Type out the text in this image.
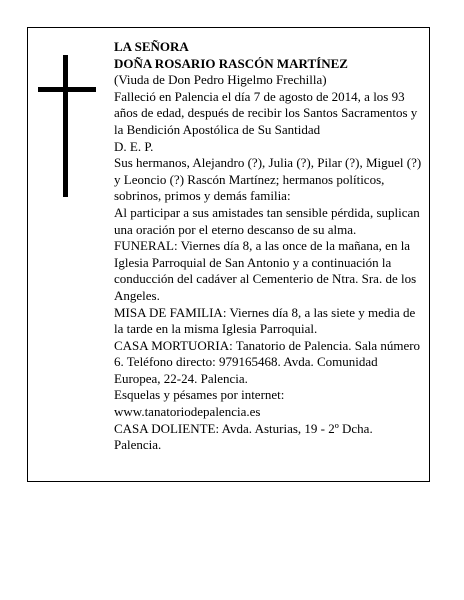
LA SEÑORA

DOÑA ROSARIO RASCÓN MARTÍNEZ

(Viuda de Don Pedro Higelmo Frechilla)

Falleció en Palencia el día 7 de agosto de 2014, a los 93 años de edad, después de recibir los Santos Sacramentos y la Bendición Apostólica de Su Santidad

D. E. P.

Sus hermanos, Alejandro (?), Julia (?), Pilar (?), Miguel (?) y Leoncio (?) Rascón Martínez; hermanos políticos, sobrinos, primos y demás familia:

Al participar a sus amistades tan sensible pérdida, suplican una oración por el eterno descanso de su alma.

FUNERAL: Viernes día 8, a las once de la mañana, en la Iglesia Parroquial de San Antonio y a continuación la conducción del cadáver al Cementerio de Ntra. Sra. de los Angeles.

MISA DE FAMILIA: Viernes día 8, a las siete y media de la tarde en la misma Iglesia Parroquial.

CASA MORTUORIA: Tanatorio de Palencia. Sala número 6. Teléfono directo: 979165468. Avda. Comunidad Europea, 22-24. Palencia.

Esquelas y pésames por internet:

www.tanatoriodepalencia.es

CASA DOLIENTE: Avda. Asturias, 19 - 2º Dcha. Palencia.
